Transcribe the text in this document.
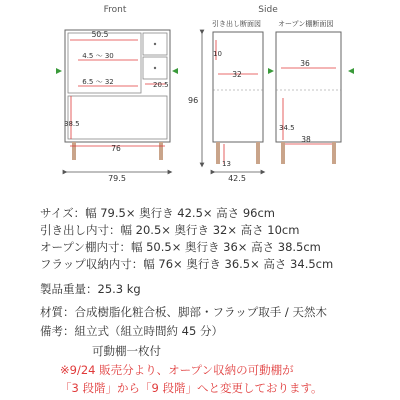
Front
50.5
4.5 ～ 30
6.5 ～ 32	20.5
38.5
76
79.5
Side
引き出し断面図 オープン棚断面図
10
32
36
34.5
38
96
13
42.5
サイズ：幅 79.5× 奥行き 42.5× 高さ 96cm
引き出し内寸：幅 20.5× 奥行き 32× 高さ 10cm
オープン棚内寸：幅 50.5× 奥行き 36× 高さ 38.5cm
フラップ収納内寸：幅 76× 奥行き 36.5× 高さ 34.5cm
製品重量：25.3 kg
材質：合成樹脂化粧合板、脚部・フラップ取手 / 天然木
備考：組立式（組立時間約 45 分）
可動棚一枚付
※9/24 販売分より、オープン収納の可動棚が
「3 段階」から「9 段階」へと変更しております。
